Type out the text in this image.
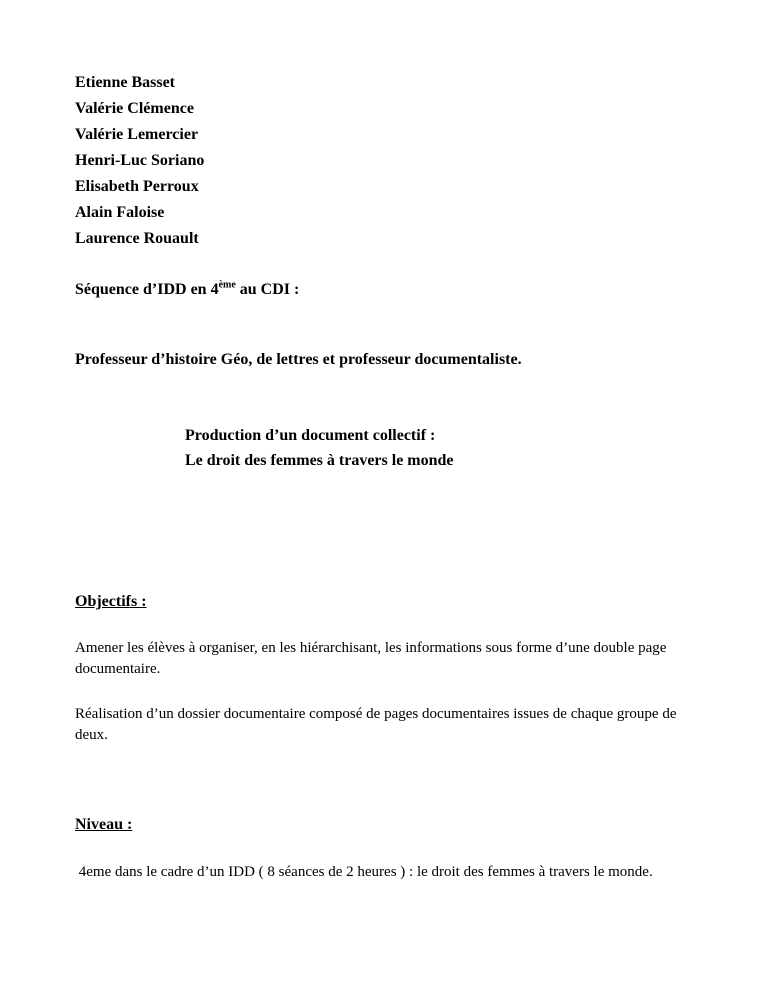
Etienne Basset
Valérie Clémence
Valérie Lemercier
Henri-Luc Soriano
Elisabeth Perroux
Alain Faloise
Laurence Rouault
Séquence d’IDD en 4ème au CDI :
Professeur d’histoire Géo, de lettres et professeur documentaliste.
Production d’un document collectif :
Le droit des femmes à travers le monde
Objectifs :
Amener les élèves à organiser, en les hiérarchisant, les informations sous forme d’une double page documentaire.
Réalisation d’un dossier documentaire composé de pages documentaires issues de chaque groupe de deux.
Niveau :
4eme dans le cadre d’un IDD ( 8 séances de 2 heures ) : le droit des femmes à travers le monde.
